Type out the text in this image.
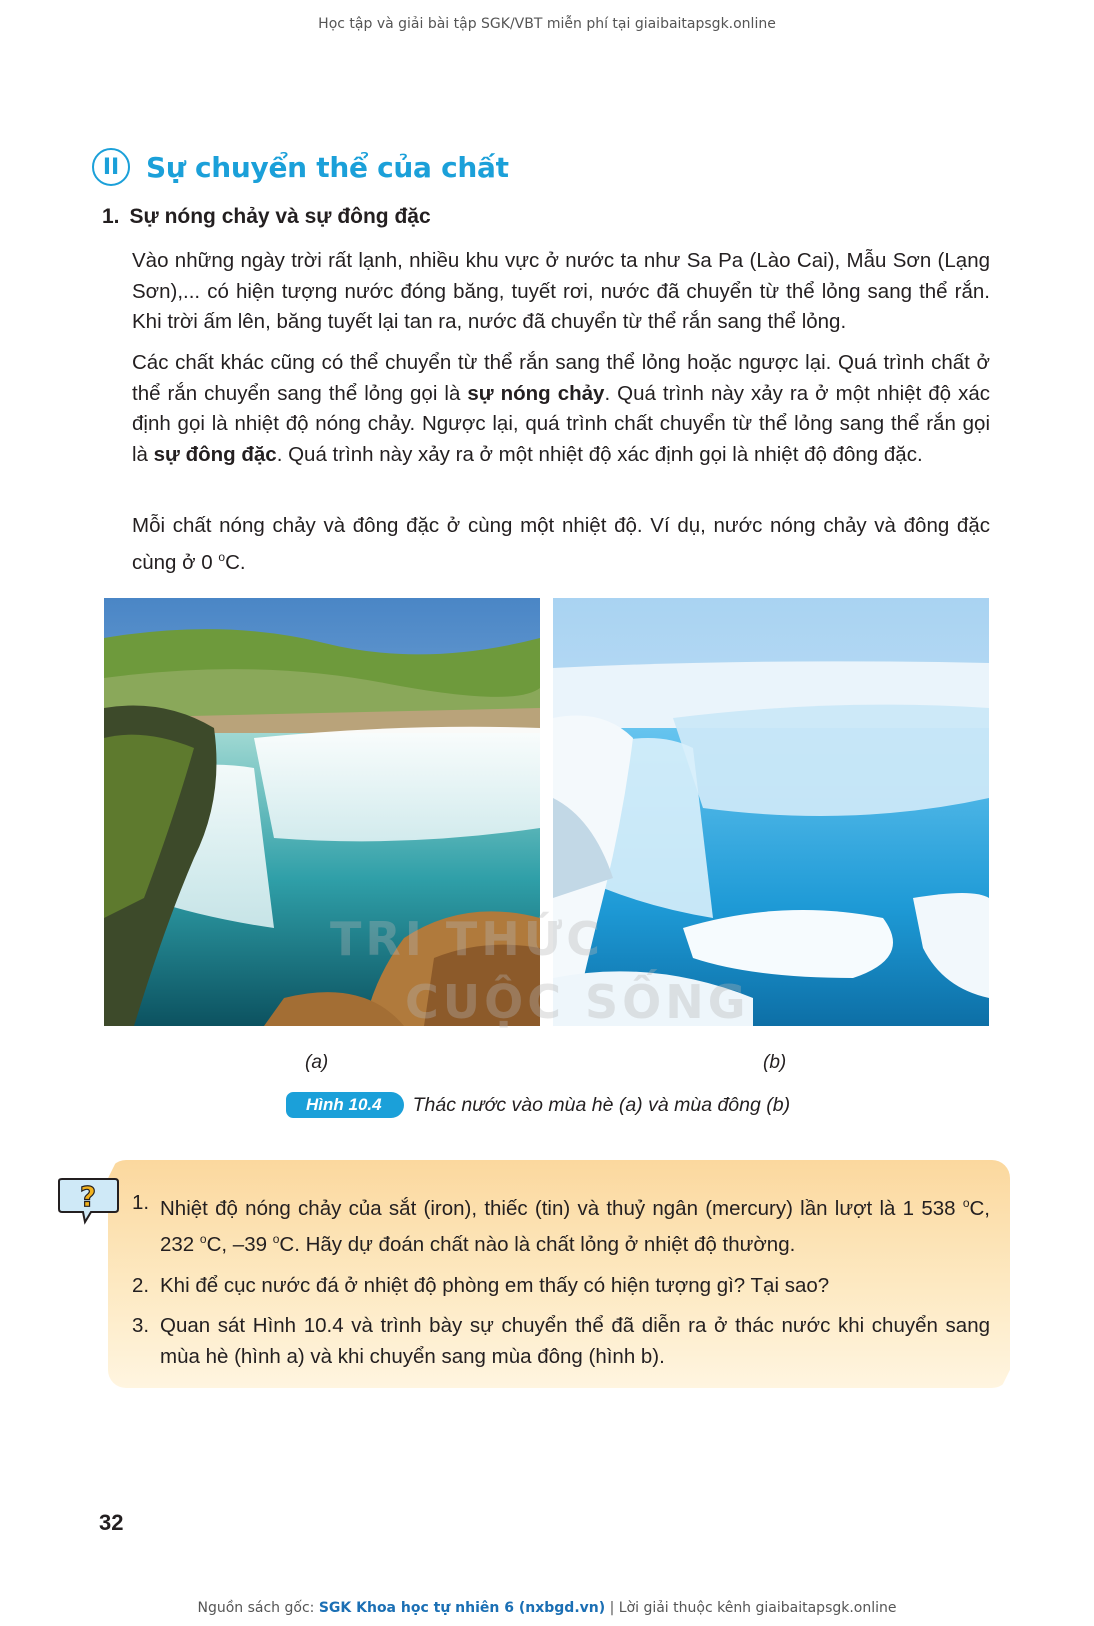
Học tập và giải bài tập SGK/VBT miễn phí tại giaibaitapsgk.online
II Sự chuyển thể của chất
1. Sự nóng chảy và sự đông đặc

Vào những ngày trời rất lạnh, nhiều khu vực ở nước ta như Sa Pa (Lào Cai), Mẫu Sơn (Lạng Sơn),... có hiện tượng nước đóng băng, tuyết rơi, nước đã chuyển từ thể lỏng sang thể rắn. Khi trời ấm lên, băng tuyết lại tan ra, nước đã chuyển từ thể rắn sang thể lỏng.

Các chất khác cũng có thể chuyển từ thể rắn sang thể lỏng hoặc ngược lại. Quá trình chất ở thể rắn chuyển sang thể lỏng gọi là sự nóng chảy. Quá trình này xảy ra ở một nhiệt độ xác định gọi là nhiệt độ nóng chảy. Ngược lại, quá trình chất chuyển từ thể lỏng sang thể rắn gọi là sự đông đặc. Quá trình này xảy ra ở một nhiệt độ xác định gọi là nhiệt độ đông đặc.

Mỗi chất nóng chảy và đông đặc ở cùng một nhiệt độ. Ví dụ, nước nóng chảy và đông đặc cùng ở 0 $^o$C.

TRI THỨC
CUỘC SỐNG
(a)	(b)
Hình 10.4	Thác nước vào mùa hè (a) và mùa đông (b)
? 1. Nhiệt độ nóng chảy của sắt (iron), thiếc (tin) và thuỷ ngân (mercury) lần lượt là 1 538 $^o$C, 232 $^o$C, –39 $^o$C. Hãy dự đoán chất nào là chất lỏng ở nhiệt độ thường.
2. Khi để cục nước đá ở nhiệt độ phòng em thấy có hiện tượng gì? Tại sao?
3. Quan sát Hình 10.4 và trình bày sự chuyển thể đã diễn ra ở thác nước khi chuyển sang mùa hè (hình a) và khi chuyển sang mùa đông (hình b).
32
Nguồn sách gốc: SGK Khoa học tự nhiên 6 (nxbgd.vn) | Lời giải thuộc kênh giaibaitapsgk.online
